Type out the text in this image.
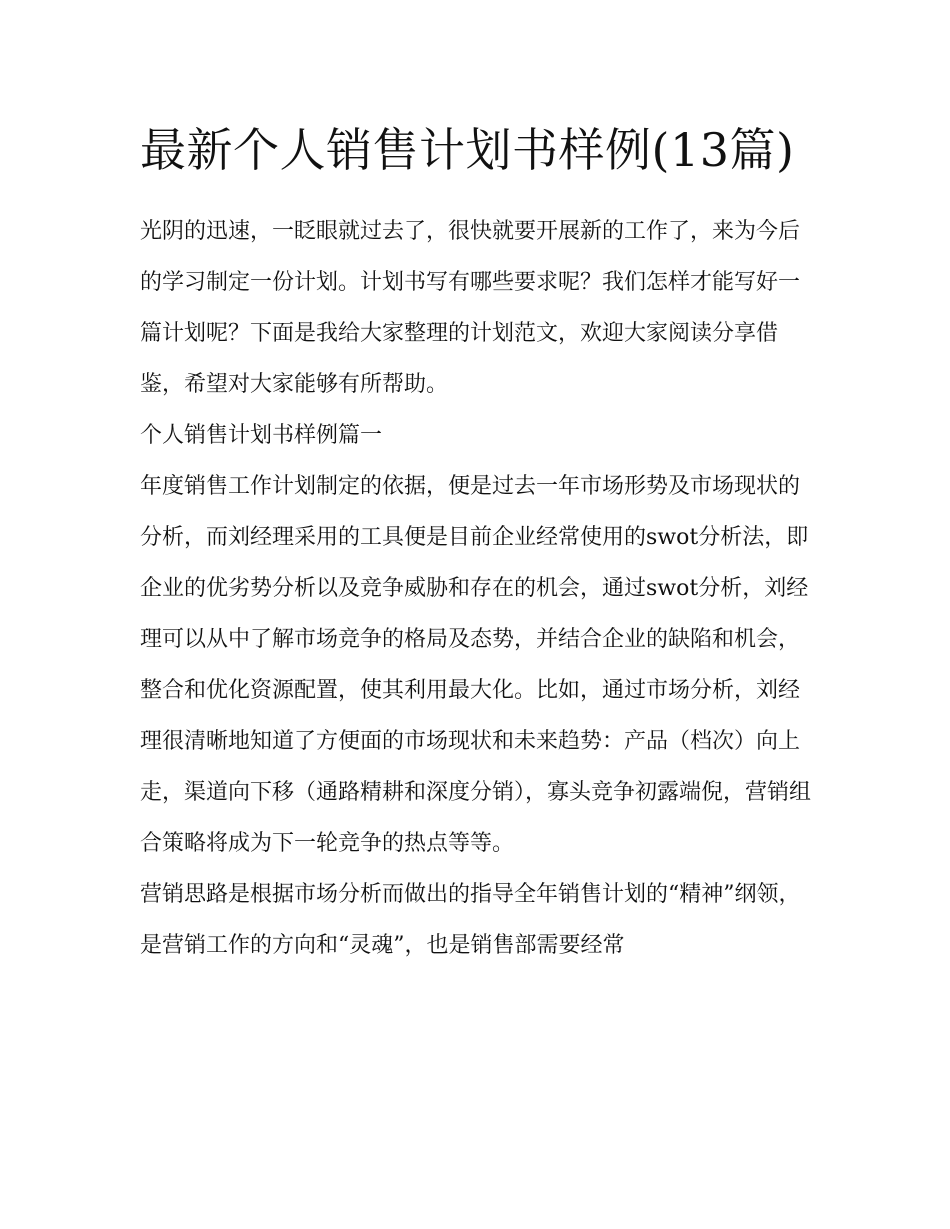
最新个人销售计划书样例(13篇)

光阴的迅速，一眨眼就过去了，很快就要开展新的工作了，来为今后的学习制定一份计划。计划书写有哪些要求呢？我们怎样才能写好一篇计划呢？下面是我给大家整理的计划范文，欢迎大家阅读分享借鉴，希望对大家能够有所帮助。

个人销售计划书样例篇一

年度销售工作计划制定的依据，便是过去一年市场形势及市场现状的分析，而刘经理采用的工具便是目前企业经常使用的swot分析法，即企业的优劣势分析以及竞争威胁和存在的机会，通过swot分析，刘经理可以从中了解市场竞争的格局及态势，并结合企业的缺陷和机会，整合和优化资源配置，使其利用最大化。比如，通过市场分析，刘经理很清晰地知道了方便面的市场现状和未来趋势：产品（档次）向上走，渠道向下移（通路精耕和深度分销），寡头竞争初露端倪，营销组合策略将成为下一轮竞争的热点等等。

营销思路是根据市场分析而做出的指导全年销售计划的“精神”纲领，是营销工作的方向和“灵魂”，也是销售部需要经常
